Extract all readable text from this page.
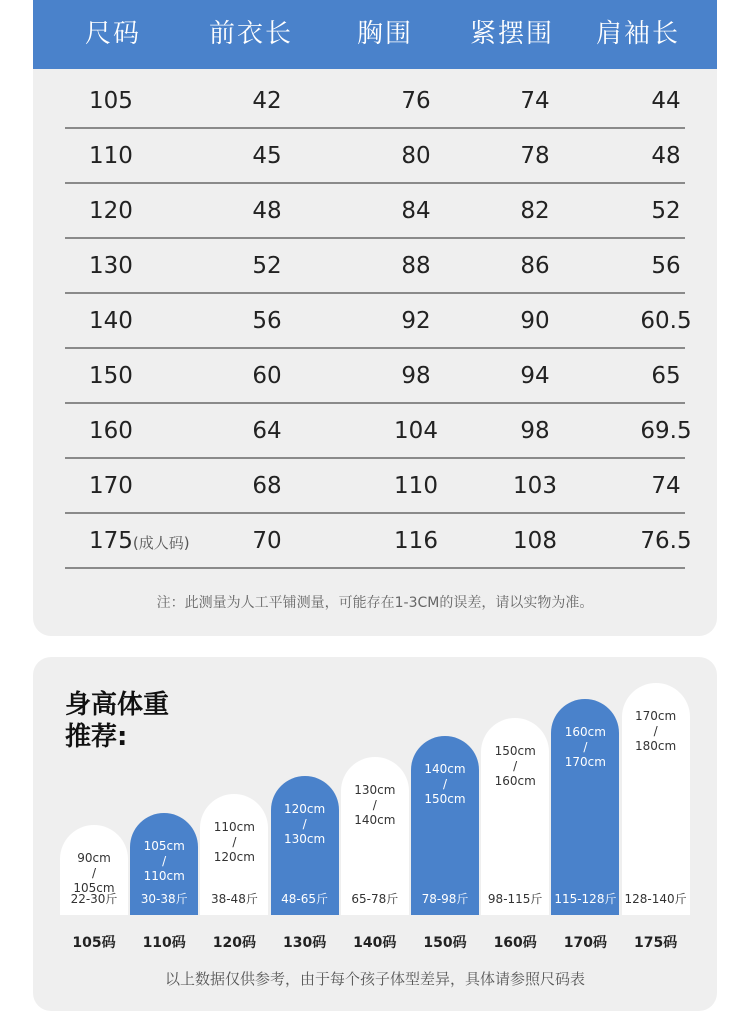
尺码	前衣长	胸围	紧摆围	肩袖长
105	42	76	74	44
110	45	80	78	48
120	48	84	82	52
130	52	88	86	56
140	56	92	90	60.5
150	60	98	94	65
160	64	104	98	69.5
170	68	110	103	74
175(成人码)	70	116	108	76.5
注：此测量为人工平铺测量，可能存在1-3CM的误差，请以实物为准。
身高体重
推荐:
90cm
/
105cm
22-30斤
105码
105cm
/
110cm
30-38斤
110码
110cm
/
120cm
38-48斤
120码
120cm
/
130cm
48-65斤
130码
130cm
/
140cm
65-78斤
140码
140cm
/
150cm
78-98斤
150码
150cm
/
160cm
98-115斤
160码
160cm
/
170cm
115-128斤
170码
170cm
/
180cm
128-140斤
175码
以上数据仅供参考，由于每个孩子体型差异，具体请参照尺码表
